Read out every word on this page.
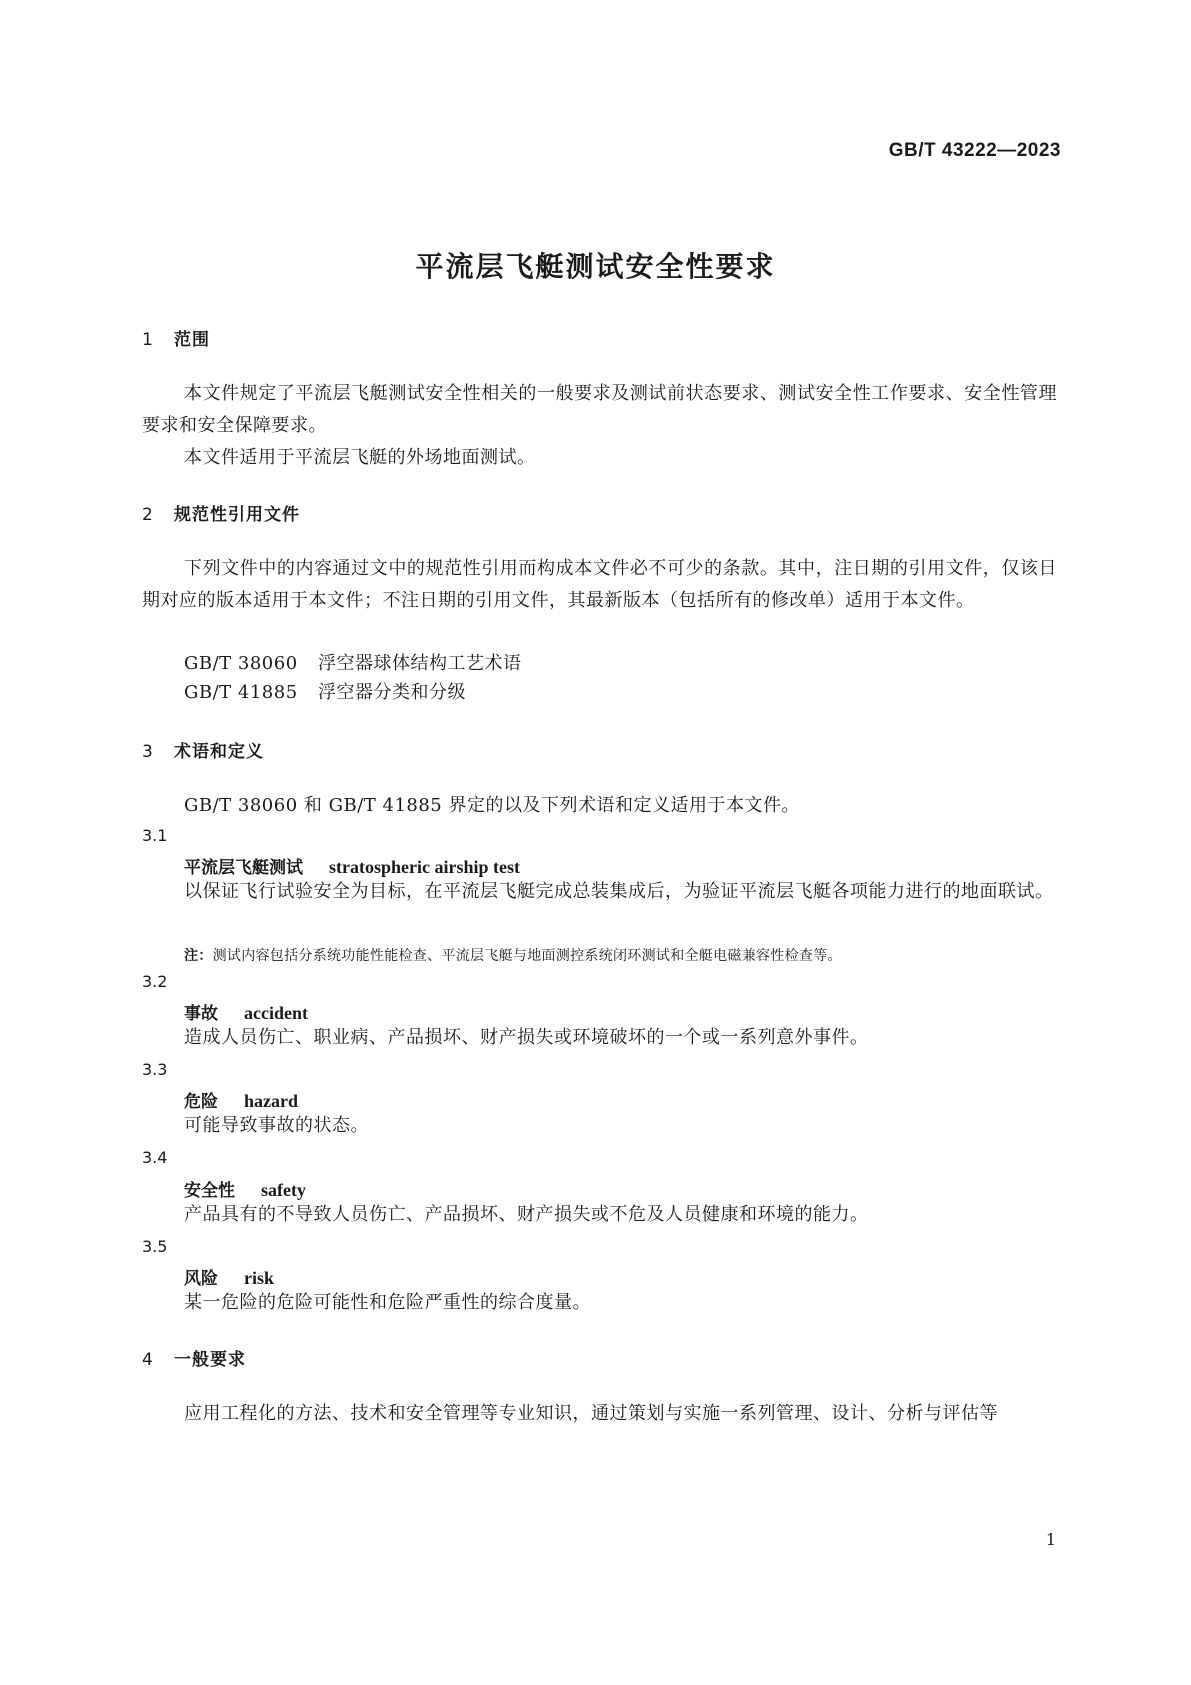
GB/T 43222—2023
平流层飞艇测试安全性要求
1 范围
本文件规定了平流层飞艇测试安全性相关的一般要求及测试前状态要求、测试安全性工作要求、安全性管理要求和安全保障要求。
本文件适用于平流层飞艇的外场地面测试。
2 规范性引用文件
下列文件中的内容通过文中的规范性引用而构成本文件必不可少的条款。其中，注日期的引用文件，仅该日期对应的版本适用于本文件；不注日期的引用文件，其最新版本（包括所有的修改单）适用于本文件。
GB/T 38060 浮空器球体结构工艺术语
GB/T 41885 浮空器分类和分级
3 术语和定义
GB/T 38060 和 GB/T 41885 界定的以及下列术语和定义适用于本文件。
3.1
平流层飞艇测试 stratospheric airship test
以保证飞行试验安全为目标，在平流层飞艇完成总装集成后，为验证平流层飞艇各项能力进行的地面联试。
注：测试内容包括分系统功能性能检查、平流层飞艇与地面测控系统闭环测试和全艇电磁兼容性检查等。
3.2
事故 accident
造成人员伤亡、职业病、产品损坏、财产损失或环境破坏的一个或一系列意外事件。
3.3
危险 hazard
可能导致事故的状态。
3.4
安全性 safety
产品具有的不导致人员伤亡、产品损坏、财产损失或不危及人员健康和环境的能力。
3.5
风险 risk
某一危险的危险可能性和危险严重性的综合度量。
4 一般要求
应用工程化的方法、技术和安全管理等专业知识，通过策划与实施一系列管理、设计、分析与评估等
1
